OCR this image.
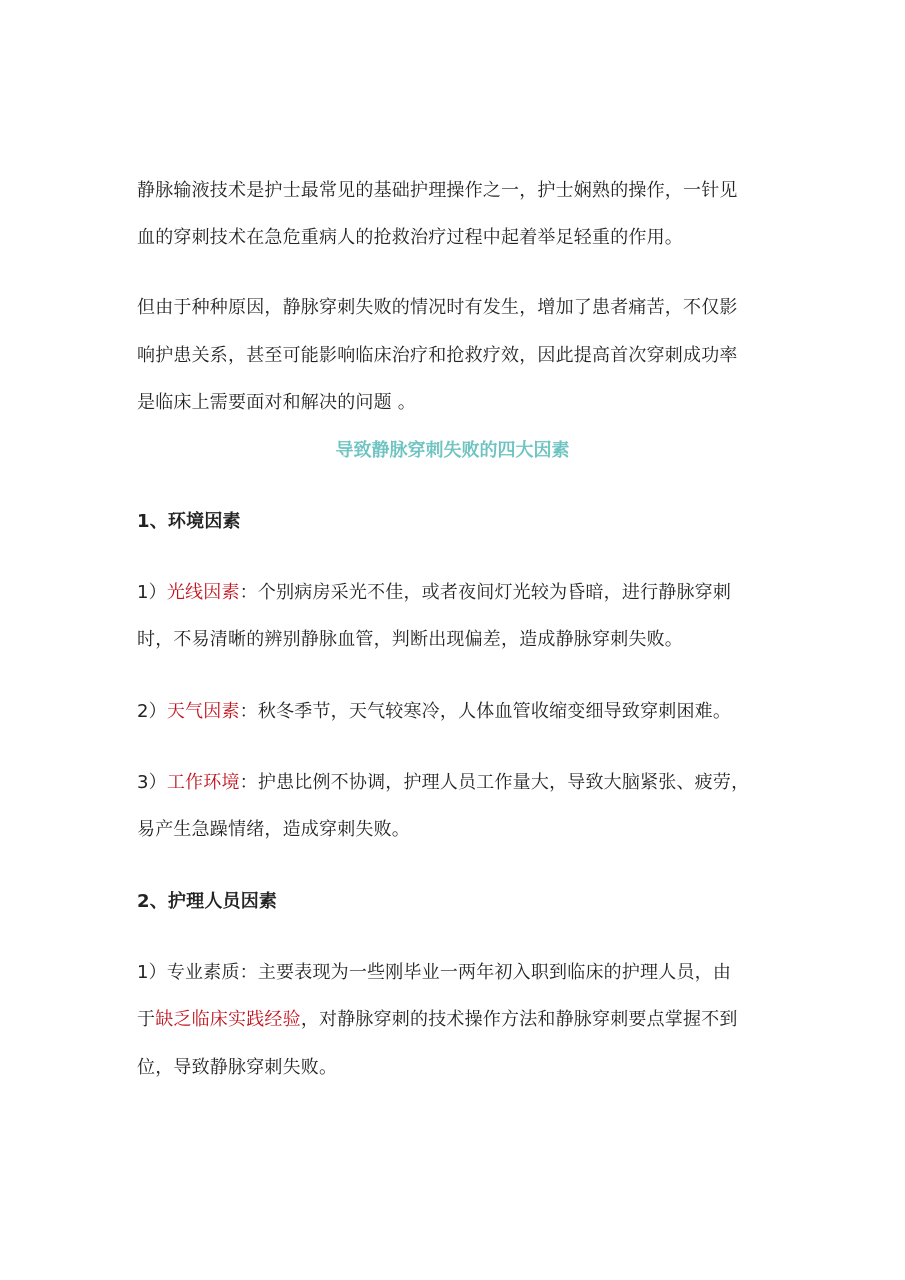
静脉输液技术是护士最常见的基础护理操作之一，护士娴熟的操作，一针见
血的穿刺技术在急危重病人的抢救治疗过程中起着举足轻重的作用。
但由于种种原因，静脉穿刺失败的情况时有发生，增加了患者痛苦，不仅影
响护患关系，甚至可能影响临床治疗和抢救疗效，因此提高首次穿刺成功率
是临床上需要面对和解决的问题 。
导致静脉穿刺失败的四大因素
1、环境因素
1）光线因素：个别病房采光不佳，或者夜间灯光较为昏暗，进行静脉穿刺
时，不易清晰的辨别静脉血管，判断出现偏差，造成静脉穿刺失败。
2）天气因素：秋冬季节，天气较寒冷，人体血管收缩变细导致穿刺困难。
3）工作环境：护患比例不协调，护理人员工作量大，导致大脑紧张、疲劳，
易产生急躁情绪，造成穿刺失败。
2、护理人员因素
1）专业素质：主要表现为一些刚毕业一两年初入职到临床的护理人员，由
于缺乏临床实践经验，对静脉穿刺的技术操作方法和静脉穿刺要点掌握不到
位，导致静脉穿刺失败。
